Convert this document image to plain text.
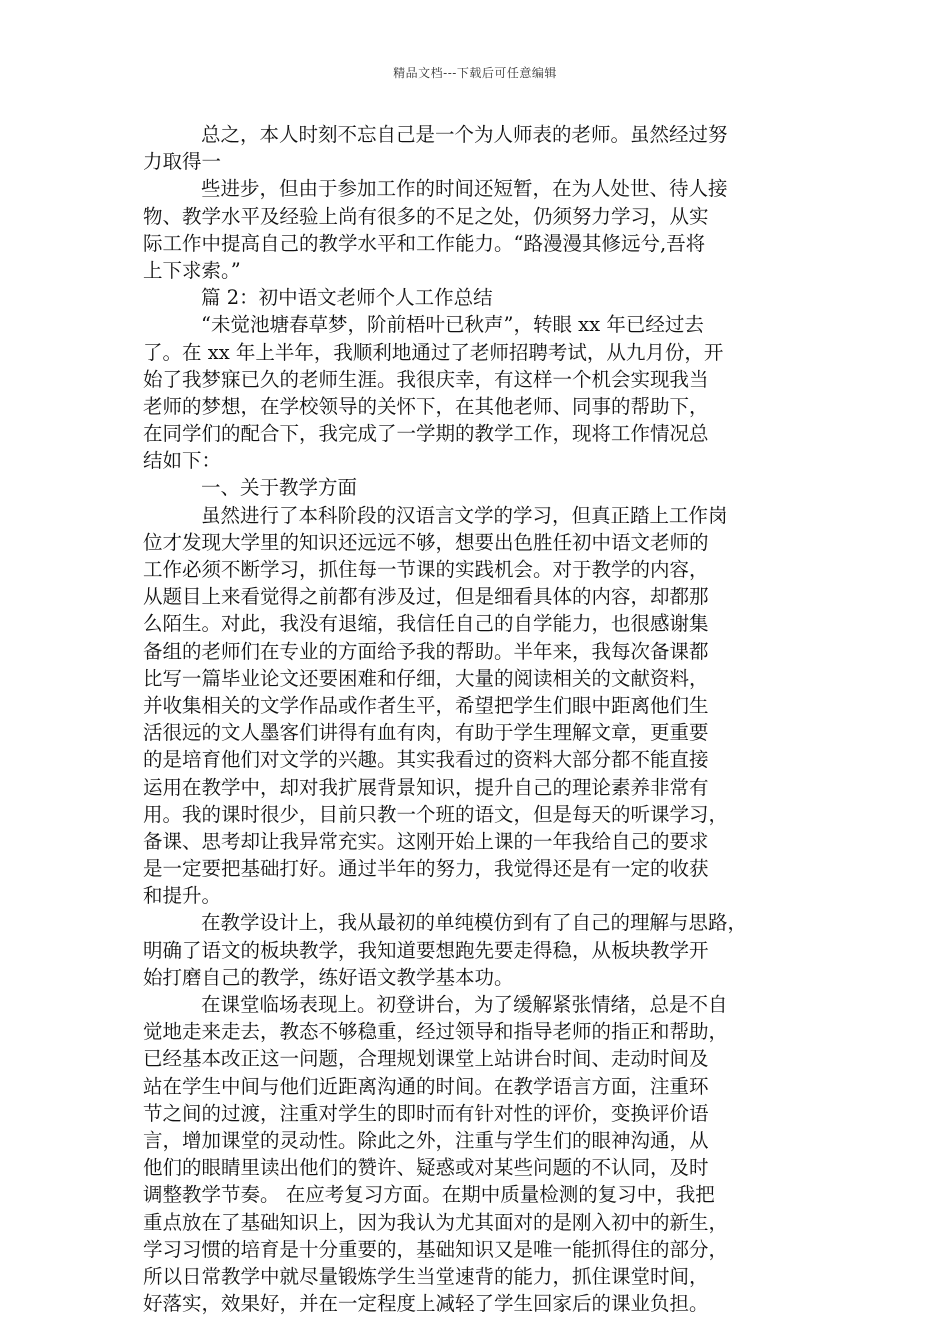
精品文档---下载后可任意编辑
总之，本人时刻不忘自己是一个为人师表的老师。虽然经过努
力取得一
些进步，但由于参加工作的时间还短暂，在为人处世、待人接
物、教学水平及经验上尚有很多的不足之处，仍须努力学习，从实
际工作中提高自己的教学水平和工作能力。“路漫漫其修远兮,吾将
上下求索。”
篇 2：初中语文老师个人工作总结
“未觉池塘春草梦，阶前梧叶已秋声”，转眼 xx 年已经过去
了。在 xx 年上半年，我顺利地通过了老师招聘考试，从九月份，开
始了我梦寐已久的老师生涯。我很庆幸，有这样一个机会实现我当
老师的梦想，在学校领导的关怀下，在其他老师、同事的帮助下，
在同学们的配合下，我完成了一学期的教学工作，现将工作情况总
结如下：
一、关于教学方面
虽然进行了本科阶段的汉语言文学的学习，但真正踏上工作岗
位才发现大学里的知识还远远不够，想要出色胜任初中语文老师的
工作必须不断学习，抓住每一节课的实践机会。对于教学的内容，
从题目上来看觉得之前都有涉及过，但是细看具体的内容，却都那
么陌生。对此，我没有退缩，我信任自己的自学能力，也很感谢集
备组的老师们在专业的方面给予我的帮助。半年来，我每次备课都
比写一篇毕业论文还要困难和仔细，大量的阅读相关的文献资料，
并收集相关的文学作品或作者生平，希望把学生们眼中距离他们生
活很远的文人墨客们讲得有血有肉，有助于学生理解文章，更重要
的是培育他们对文学的兴趣。其实我看过的资料大部分都不能直接
运用在教学中，却对我扩展背景知识，提升自己的理论素养非常有
用。我的课时很少，目前只教一个班的语文，但是每天的听课学习，
备课、思考却让我异常充实。这刚开始上课的一年我给自己的要求
是一定要把基础打好。通过半年的努力，我觉得还是有一定的收获
和提升。
在教学设计上，我从最初的单纯模仿到有了自己的理解与思路，
明确了语文的板块教学，我知道要想跑先要走得稳，从板块教学开
始打磨自己的教学，练好语文教学基本功。
在课堂临场表现上。初登讲台，为了缓解紧张情绪，总是不自
觉地走来走去，教态不够稳重，经过领导和指导老师的指正和帮助，
已经基本改正这一问题，合理规划课堂上站讲台时间、走动时间及
站在学生中间与他们近距离沟通的时间。在教学语言方面，注重环
节之间的过渡，注重对学生的即时而有针对性的评价，变换评价语
言，增加课堂的灵动性。除此之外，注重与学生们的眼神沟通，从
他们的眼睛里读出他们的赞许、疑惑或对某些问题的不认同，及时
调整教学节奏。 在应考复习方面。在期中质量检测的复习中，我把
重点放在了基础知识上，因为我认为尤其面对的是刚入初中的新生，
学习习惯的培育是十分重要的，基础知识又是唯一能抓得住的部分，
所以日常教学中就尽量锻炼学生当堂速背的能力，抓住课堂时间，
好落实，效果好，并在一定程度上减轻了学生回家后的课业负担。
